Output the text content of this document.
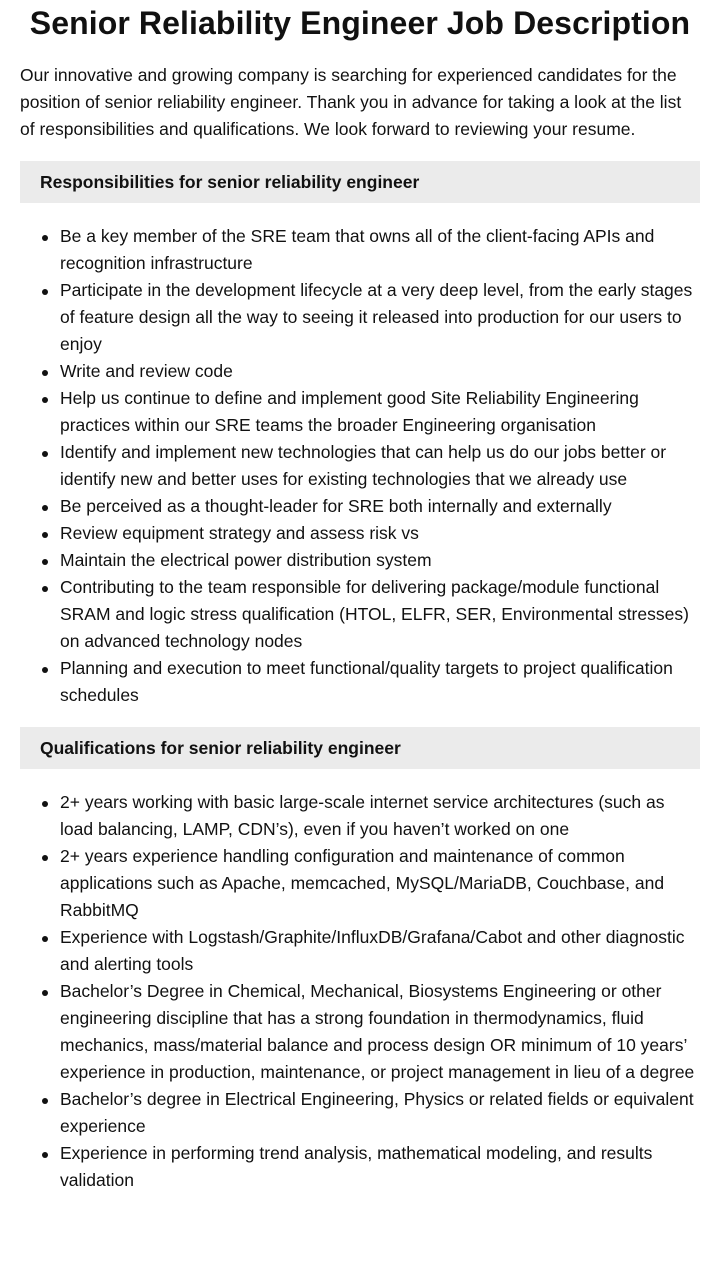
Senior Reliability Engineer Job Description

Our innovative and growing company is searching for experienced candidates for the position of senior reliability engineer. Thank you in advance for taking a look at the list of responsibilities and qualifications. We look forward to reviewing your resume.

Responsibilities for senior reliability engineer
Be a key member of the SRE team that owns all of the client-facing APIs and recognition infrastructure
Participate in the development lifecycle at a very deep level, from the early stages of feature design all the way to seeing it released into production for our users to enjoy
Write and review code
Help us continue to define and implement good Site Reliability Engineering practices within our SRE teams the broader Engineering organisation
Identify and implement new technologies that can help us do our jobs better or identify new and better uses for existing technologies that we already use
Be perceived as a thought-leader for SRE both internally and externally
Review equipment strategy and assess risk vs
Maintain the electrical power distribution system
Contributing to the team responsible for delivering package/module functional SRAM and logic stress qualification (HTOL, ELFR, SER, Environmental stresses) on advanced technology nodes
Planning and execution to meet functional/quality targets to project qualification schedules
Qualifications for senior reliability engineer
2+ years working with basic large-scale internet service architectures (such as load balancing, LAMP, CDN’s), even if you haven’t worked on one
2+ years experience handling configuration and maintenance of common applications such as Apache, memcached, MySQL/MariaDB, Couchbase, and RabbitMQ
Experience with Logstash/Graphite/InfluxDB/Grafana/Cabot and other diagnostic and alerting tools
Bachelor’s Degree in Chemical, Mechanical, Biosystems Engineering or other engineering discipline that has a strong foundation in thermodynamics, fluid mechanics, mass/material balance and process design OR minimum of 10 years’ experience in production, maintenance, or project management in lieu of a degree
Bachelor’s degree in Electrical Engineering, Physics or related fields or equivalent experience
Experience in performing trend analysis, mathematical modeling, and results validation
